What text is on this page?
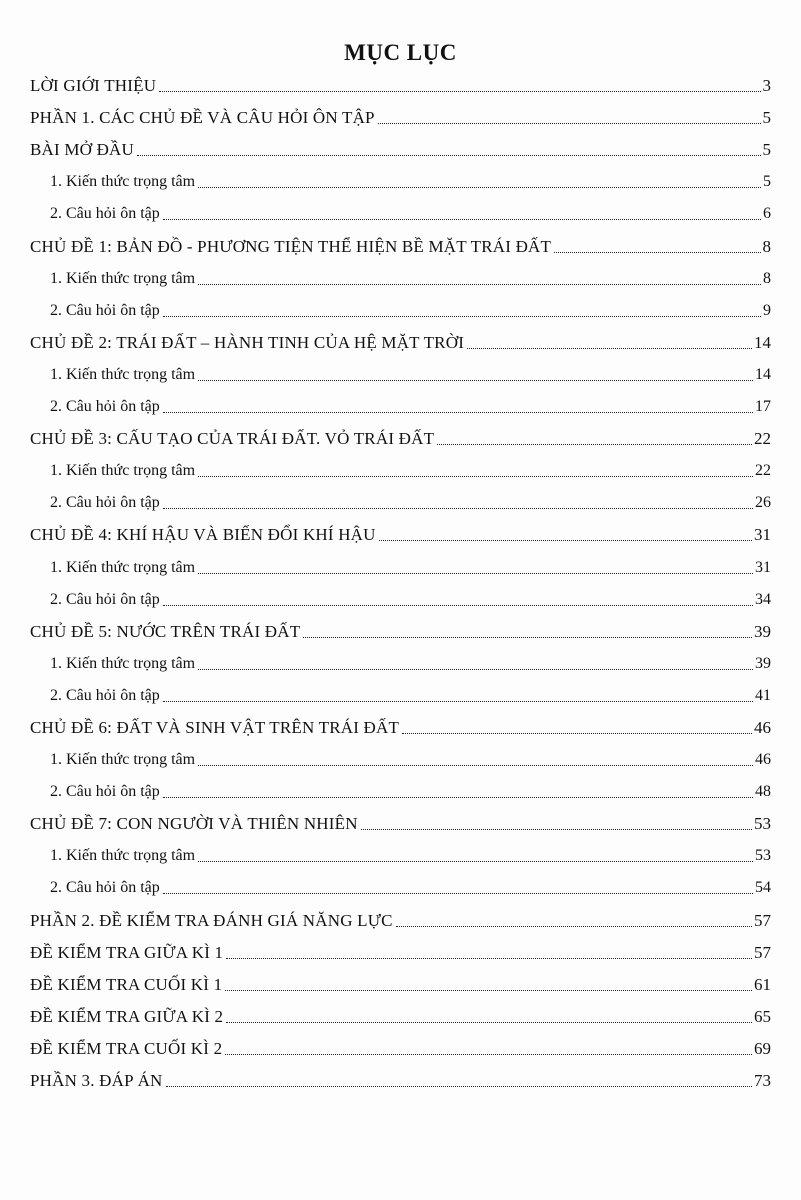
MỤC LỤC
LỜI GIỚI THIỆU	3
PHẦN 1. CÁC CHỦ ĐỀ VÀ CÂU HỎI ÔN TẬP	5
BÀI MỞ ĐẦU	5
1. Kiến thức trọng tâm	5
2. Câu hỏi ôn tập	6
CHỦ ĐỀ 1: BẢN ĐỒ - PHƯƠNG TIỆN THỂ HIỆN BỀ MẶT TRÁI ĐẤT	8
1. Kiến thức trọng tâm	8
2. Câu hỏi ôn tập	9
CHỦ ĐỀ 2: TRÁI ĐẤT – HÀNH TINH CỦA HỆ MẶT TRỜI	14
1. Kiến thức trọng tâm	14
2. Câu hỏi ôn tập	17
CHỦ ĐỀ 3: CẤU TẠO CỦA TRÁI ĐẤT. VỎ TRÁI ĐẤT	22
1. Kiến thức trọng tâm	22
2. Câu hỏi ôn tập	26
CHỦ ĐỀ 4: KHÍ HẬU VÀ BIẾN ĐỔI KHÍ HẬU	31
1. Kiến thức trọng tâm	31
2. Câu hỏi ôn tập	34
CHỦ ĐỀ 5: NƯỚC TRÊN TRÁI ĐẤT	39
1. Kiến thức trọng tâm	39
2. Câu hỏi ôn tập	41
CHỦ ĐỀ 6: ĐẤT VÀ SINH VẬT TRÊN TRÁI ĐẤT	46
1. Kiến thức trọng tâm	46
2. Câu hỏi ôn tập	48
CHỦ ĐỀ 7: CON NGƯỜI VÀ THIÊN NHIÊN	53
1. Kiến thức trọng tâm	53
2. Câu hỏi ôn tập	54
PHẦN 2. ĐỀ KIỂM TRA ĐÁNH GIÁ NĂNG LỰC	57
ĐỀ KIỂM TRA GIỮA KÌ 1	57
ĐỀ KIỂM TRA CUỐI KÌ 1	61
ĐỀ KIỂM TRA GIỮA KÌ 2	65
ĐỀ KIỂM TRA CUỐI KÌ 2	69
PHẦN 3. ĐÁP ÁN	73
